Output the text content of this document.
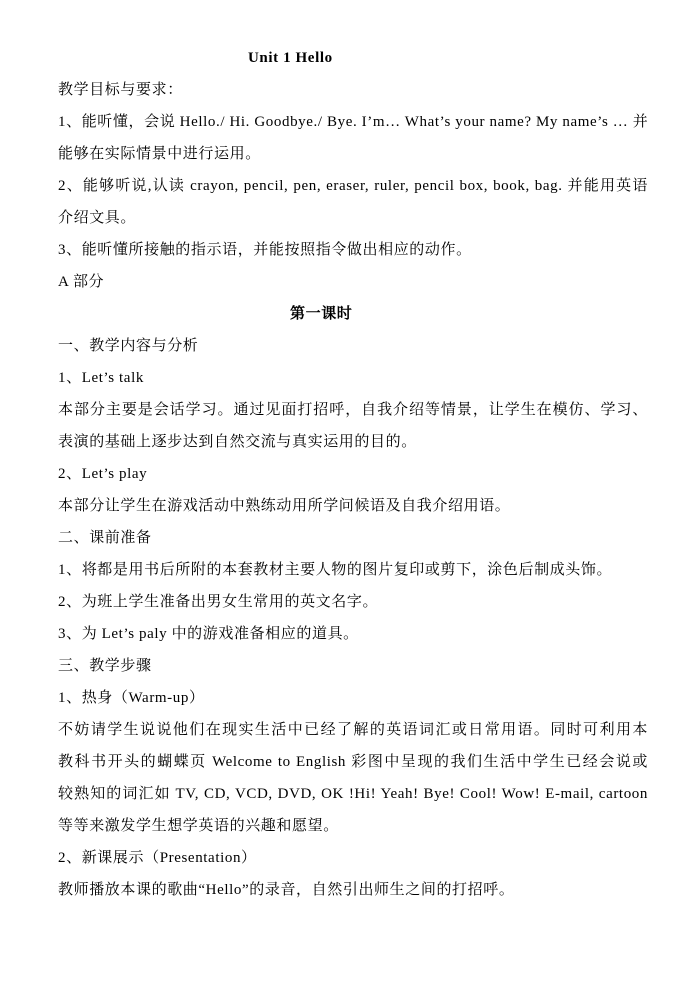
Unit 1 Hello
教学目标与要求：
1、能听懂，会说 Hello./ Hi. Goodbye./ Bye. I’m… What’s your name? My name’s … 并
能够在实际情景中进行运用。
2、能够听说,认读 crayon, pencil, pen, eraser, ruler, pencil box, book, bag. 并能用英语
介绍文具。
3、能听懂所接触的指示语，并能按照指令做出相应的动作。
A 部分
第一课时
一、教学内容与分析
1、Let’s talk
本部分主要是会话学习。通过见面打招呼，自我介绍等情景，让学生在模仿、学习、
表演的基础上逐步达到自然交流与真实运用的目的。
2、Let’s play
本部分让学生在游戏活动中熟练动用所学问候语及自我介绍用语。
二、课前准备
1、将都是用书后所附的本套教材主要人物的图片复印或剪下，涂色后制成头饰。
2、为班上学生准备出男女生常用的英文名字。
3、为 Let’s paly 中的游戏准备相应的道具。
三、教学步骤
1、热身（Warm-up）
不妨请学生说说他们在现实生活中已经了解的英语词汇或日常用语。同时可利用本
教科书开头的蝴蝶页 Welcome to English 彩图中呈现的我们生活中学生已经会说或
较熟知的词汇如 TV, CD, VCD, DVD, OK !Hi! Yeah! Bye! Cool! Wow! E-mail, cartoon
等等来激发学生想学英语的兴趣和愿望。
2、新课展示（Presentation）
教师播放本课的歌曲“Hello”的录音，自然引出师生之间的打招呼。
